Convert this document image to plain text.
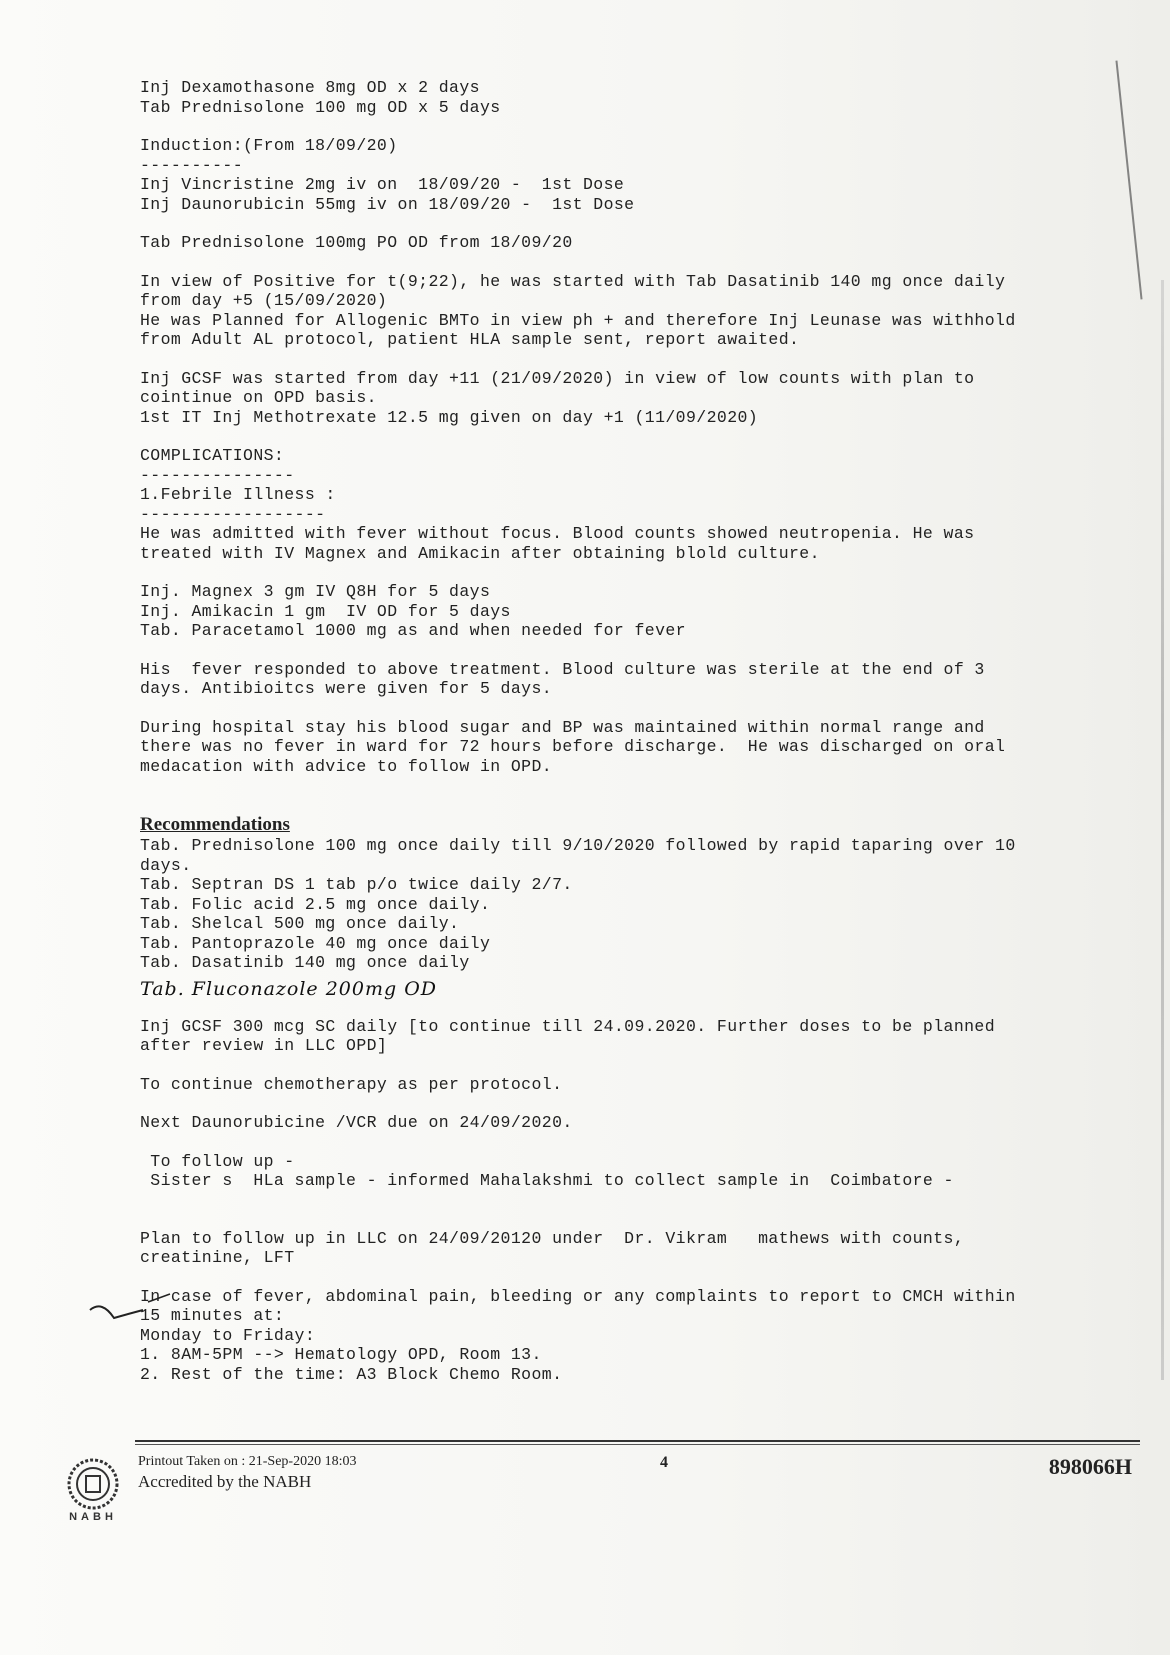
Inj Dexamothasone 8mg OD x 2 days

Tab Prednisolone 100 mg OD x 5 days

Induction:(From 18/09/20)

----------

Inj Vincristine 2mg iv on  18/09/20 -  1st Dose

Inj Daunorubicin 55mg iv on 18/09/20 -  1st Dose

Tab Prednisolone 100mg PO OD from 18/09/20

In view of Positive for t(9;22), he was started with Tab Dasatinib 140 mg once daily

from day +5 (15/09/2020)

He was Planned for Allogenic BMTo in view ph + and therefore Inj Leunase was withhold

from Adult AL protocol, patient HLA sample sent, report awaited.

Inj GCSF was started from day +11 (21/09/2020) in view of low counts with plan to

cointinue on OPD basis.

1st IT Inj Methotrexate 12.5 mg given on day +1 (11/09/2020)

COMPLICATIONS:

---------------

1.Febrile Illness :

------------------

He was admitted with fever without focus. Blood counts showed neutropenia. He was

treated with IV Magnex and Amikacin after obtaining blold culture.

Inj. Magnex 3 gm IV Q8H for 5 days

Inj. Amikacin 1 gm  IV OD for 5 days

Tab. Paracetamol 1000 mg as and when needed for fever

His  fever responded to above treatment. Blood culture was sterile at the end of 3

days. Antibioitcs were given for 5 days.

During hospital stay his blood sugar and BP was maintained within normal range and

there was no fever in ward for 72 hours before discharge.  He was discharged on oral

medacation with advice to follow in OPD.

Recommendations

Tab. Prednisolone 100 mg once daily till 9/10/2020 followed by rapid taparing over 10

days.

Tab. Septran DS 1 tab p/o twice daily 2/7.

Tab. Folic acid 2.5 mg once daily.

Tab. Shelcal 500 mg once daily.

Tab. Pantoprazole 40 mg once daily

Tab. Dasatinib 140 mg once daily

Tab. Fluconazole 200mg OD

Inj GCSF 300 mcg SC daily [to continue till 24.09.2020. Further doses to be planned

after review in LLC OPD]

To continue chemotherapy as per protocol.

Next Daunorubicine /VCR due on 24/09/2020.

To follow up -

Sister s  HLa sample - informed Mahalakshmi to collect sample in  Coimbatore -

Plan to follow up in LLC on 24/09/20120 under  Dr. Vikram   mathews with counts,

creatinine, LFT

In case of fever, abdominal pain, bleeding or any complaints to report to CMCH within

15 minutes at:

Monday to Friday:

1. 8AM-5PM --> Hematology OPD, Room 13.

2. Rest of the time: A3 Block Chemo Room.

NABH
Printout Taken on : 21-Sep-2020 18:03
Accredited by the NABH
4	898066H
